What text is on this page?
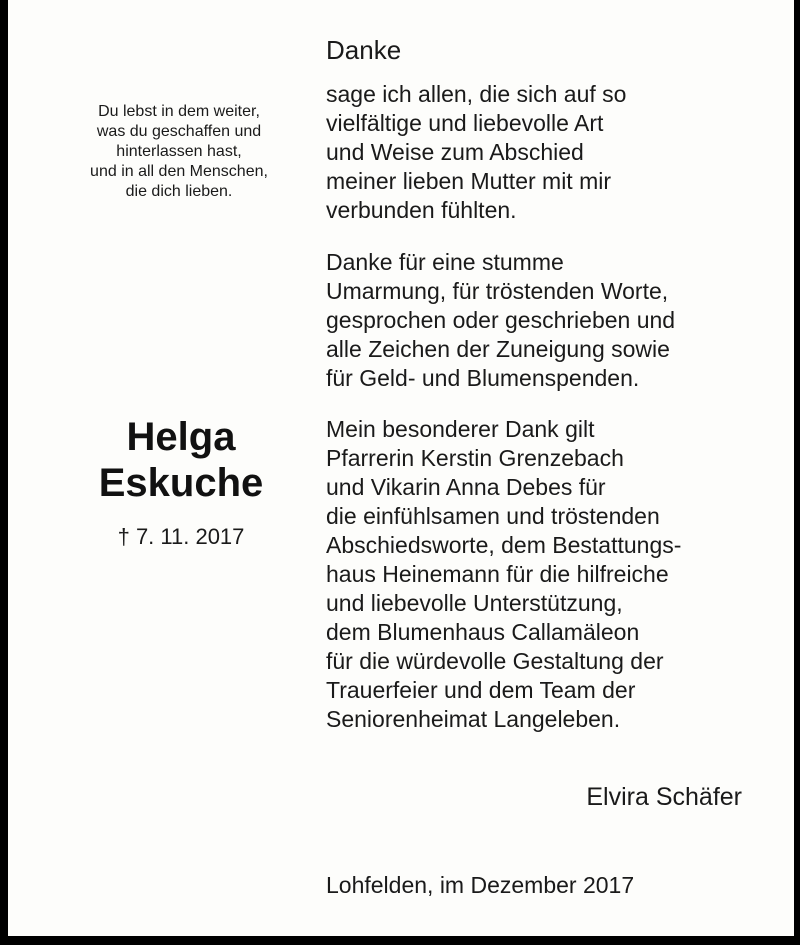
Du lebst in dem weiter,
was du geschaffen und
hinterlassen hast,
und in all den Menschen,
die dich lieben.
Helga
Eskuche
† 7. 11. 2017
Danke
sage ich allen, die sich auf so
vielfältige und liebevolle Art
und Weise zum Abschied
meiner lieben Mutter mit mir
verbunden fühlten.
Danke für eine stumme
Umarmung, für tröstenden Worte,
gesprochen oder geschrieben und
alle Zeichen der Zuneigung sowie
für Geld- und Blumenspenden.
Mein besonderer Dank gilt
Pfarrerin Kerstin Grenzebach
und Vikarin Anna Debes für
die einfühlsamen und tröstenden
Abschiedsworte, dem Bestattungs-
haus Heinemann für die hilfreiche
und liebevolle Unterstützung,
dem Blumenhaus Callamäleon
für die würdevolle Gestaltung der
Trauerfeier und dem Team der
Seniorenheimat Langeleben.
Elvira Schäfer
Lohfelden, im Dezember 2017
